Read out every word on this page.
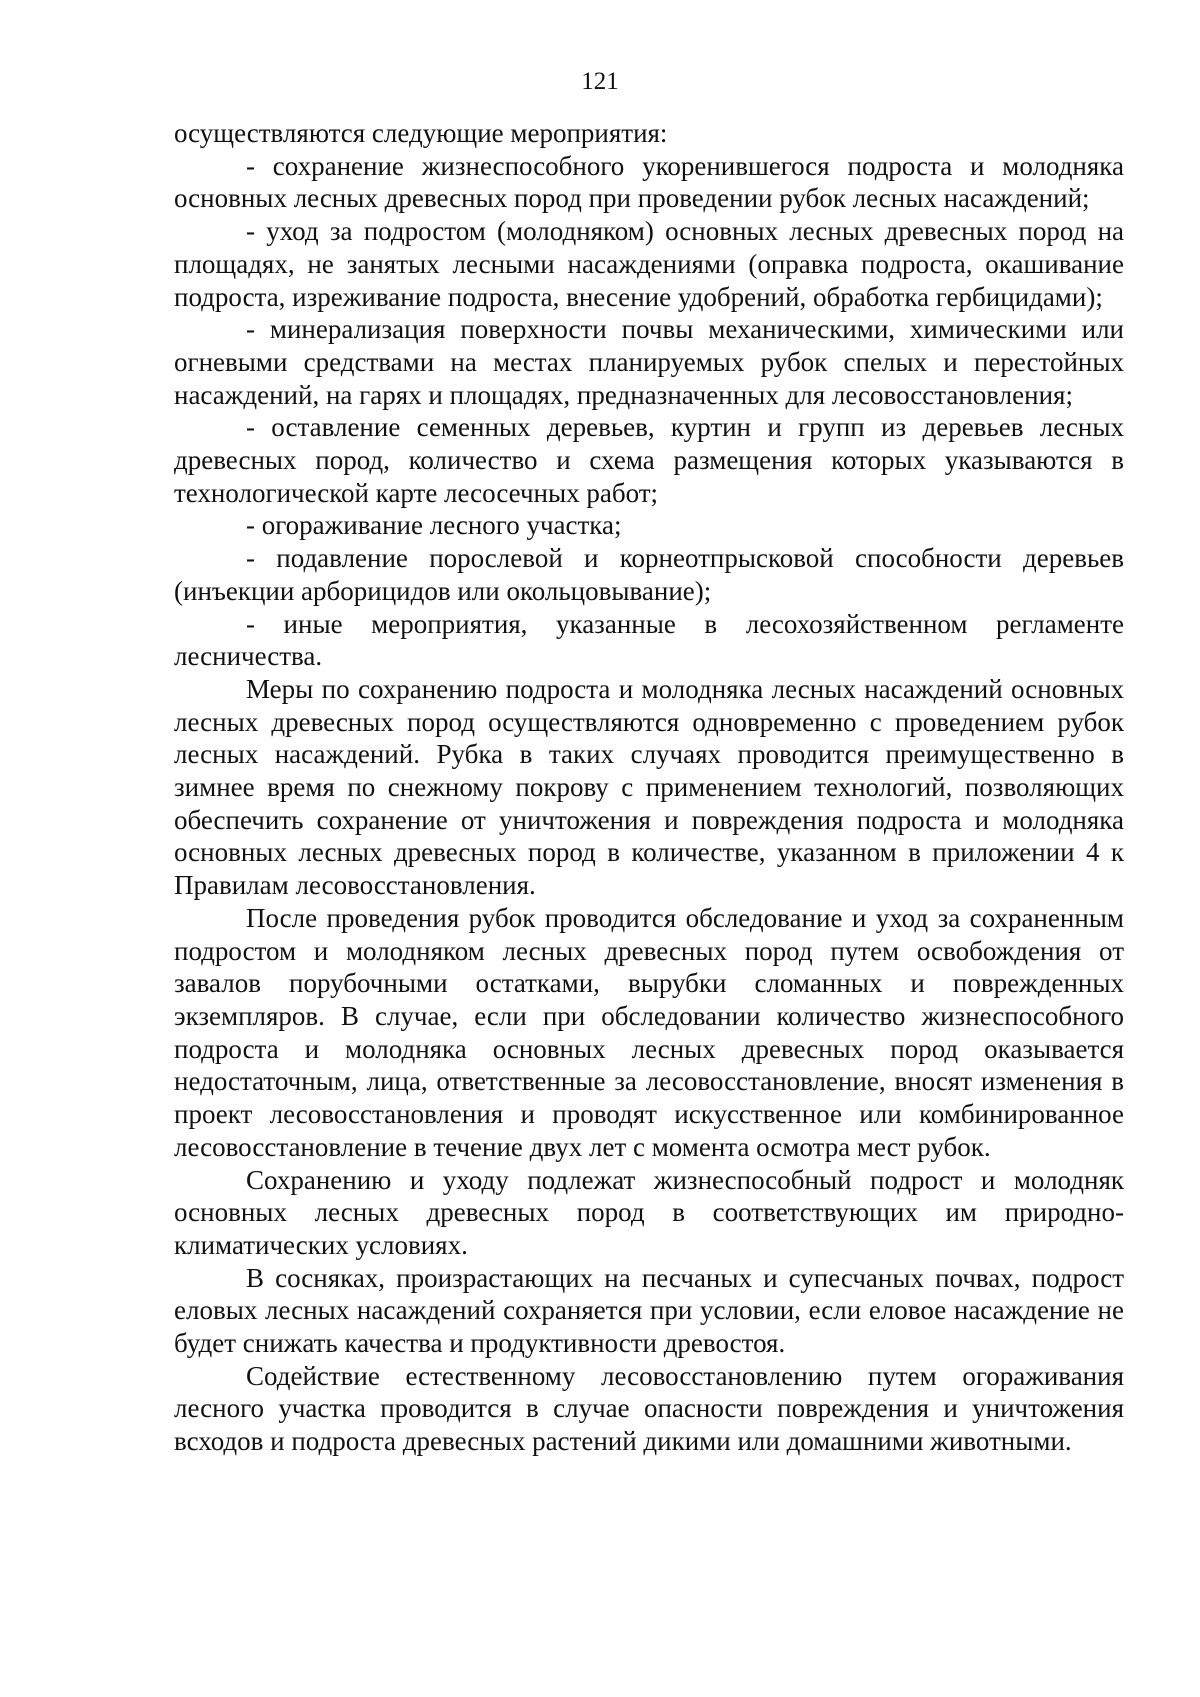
121

осуществляются следующие мероприятия:

- сохранение жизнеспособного укоренившегося подроста и молодняка основных лесных древесных пород при проведении рубок лесных насаждений;

- уход за подростом (молодняком) основных лесных древесных пород на площадях, не занятых лесными насаждениями (оправка подроста, окашивание подроста, изреживание подроста, внесение удобрений, обработка гербицидами);

- минерализация поверхности почвы механическими, химическими или огневыми средствами на местах планируемых рубок спелых и перестойных насаждений, на гарях и площадях, предназначенных для лесовосстановления;

- оставление семенных деревьев, куртин и групп из деревьев лесных древесных пород, количество и схема размещения которых указываются в технологической карте лесосечных работ;

- огораживание лесного участка;

- подавление порослевой и корнеотпрысковой способности деревьев (инъекции арборицидов или окольцовывание);

- иные мероприятия, указанные в лесохозяйственном регламенте лесничества.

Меры по сохранению подроста и молодняка лесных насаждений основных лесных древесных пород осуществляются одновременно с проведением рубок лесных насаждений. Рубка в таких случаях проводится преимущественно в зимнее время по снежному покрову с применением технологий, позволяющих обеспечить сохранение от уничтожения и повреждения подроста и молодняка основных лесных древесных пород в количестве, указанном в приложении 4 к Правилам лесовосстановления.

После проведения рубок проводится обследование и уход за сохраненным подростом и молодняком лесных древесных пород путем освобождения от завалов порубочными остатками, вырубки сломанных и поврежденных экземпляров. В случае, если при обследовании количество жизнеспособного подроста и молодняка основных лесных древесных пород оказывается недостаточным, лица, ответственные за лесовосстановление, вносят изменения в проект лесовосстановления и проводят искусственное или комбинированное лесовосстановление в течение двух лет с момента осмотра мест рубок.

Сохранению и уходу подлежат жизнеспособный подрост и молодняк основных лесных древесных пород в соответствующих им природно-климатических условиях.

В сосняках, произрастающих на песчаных и супесчаных почвах, подрост еловых лесных насаждений сохраняется при условии, если еловое насаждение не будет снижать качества и продуктивности древостоя.

Содействие естественному лесовосстановлению путем огораживания лесного участка проводится в случае опасности повреждения и уничтожения всходов и подроста древесных растений дикими или домашними животными.
